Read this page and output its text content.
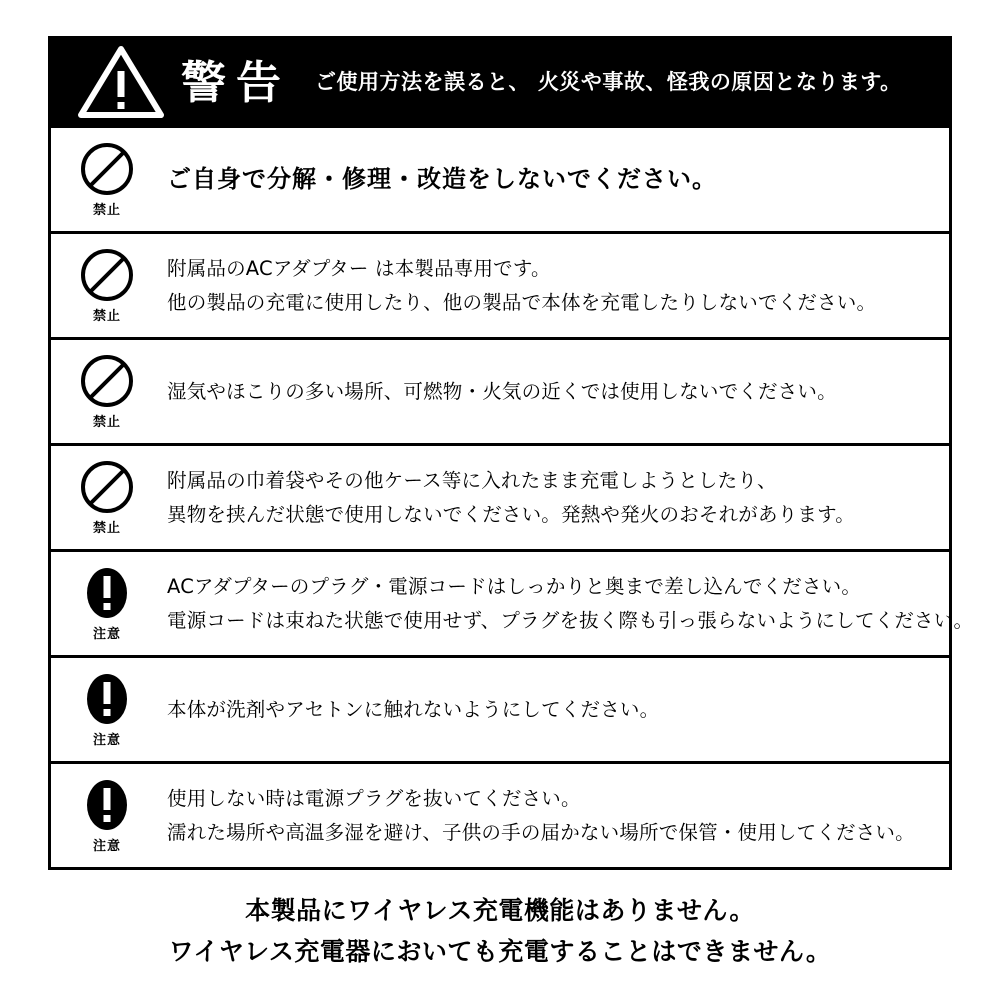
警告	ご使用方法を誤ると、 火災や事故、怪我の原因となります。
禁止
ご自身で分解・修理・改造をしないでください。
禁止
附属品のACアダプター は本製品専用です。
他の製品の充電に使用したり、他の製品で本体を充電したりしないでください。
禁止
湿気やほこりの多い場所、可燃物・火気の近くでは使用しないでください。
禁止
附属品の巾着袋やその他ケース等に入れたまま充電しようとしたり、
異物を挟んだ状態で使用しないでください。発熱や発火のおそれがあります。
注意
ACアダプターのプラグ・電源コードはしっかりと奥まで差し込んでください。
電源コードは束ねた状態で使用せず、プラグを抜く際も引っ張らないようにしてください。
注意
本体が洗剤やアセトンに触れないようにしてください。
注意
使用しない時は電源プラグを抜いてください。
濡れた場所や高温多湿を避け、子供の手の届かない場所で保管・使用してください。
本製品にワイヤレス充電機能はありません。
ワイヤレス充電器においても充電することはできません。
